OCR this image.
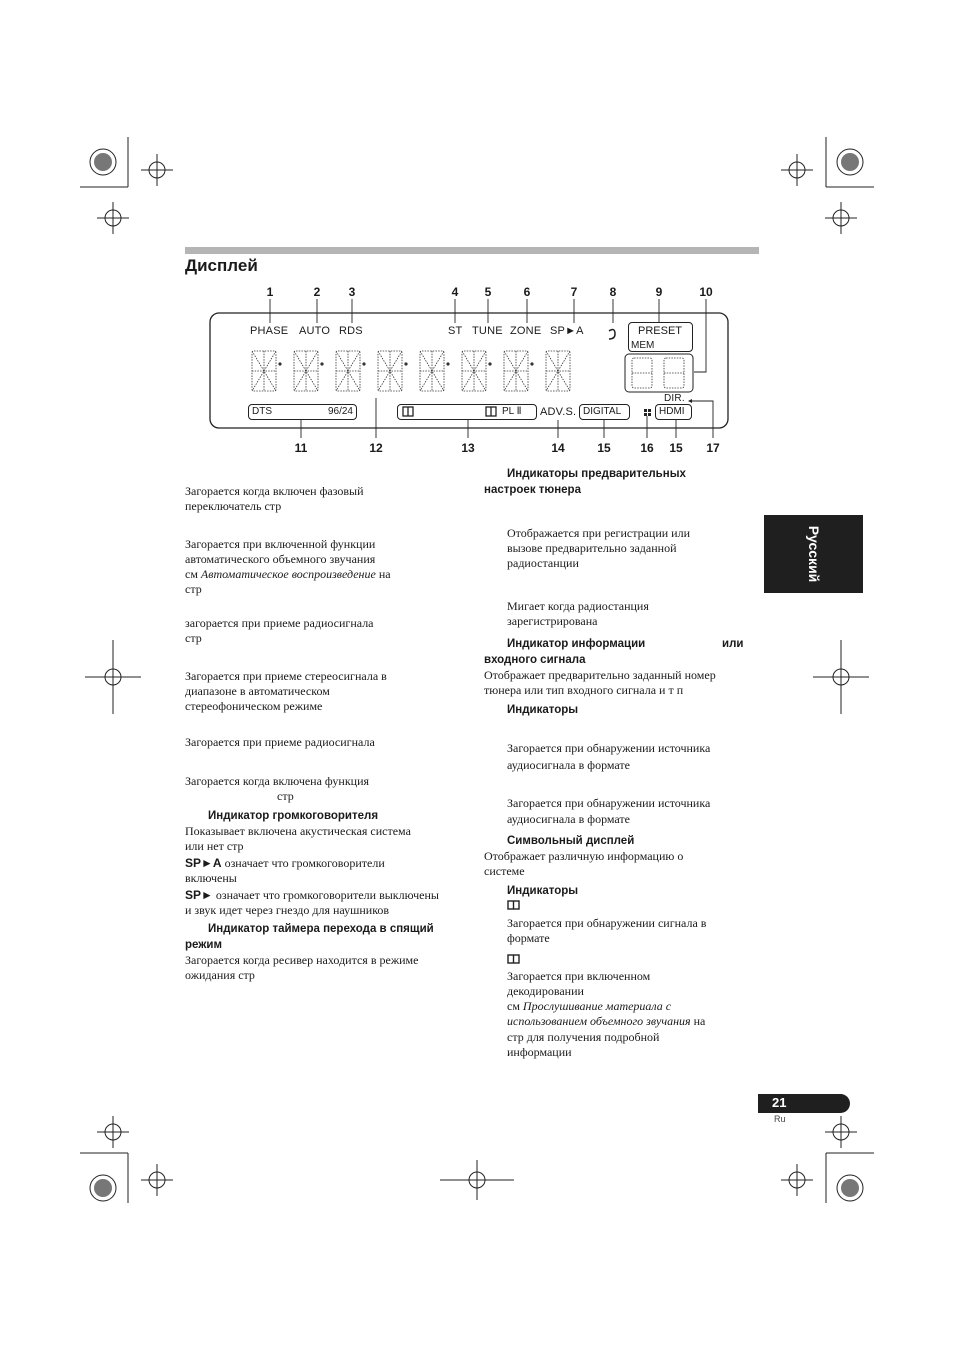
Дисплей
1	2 3	4 5	6	7	8	9	10
11	12	13	14	15 16 15 17
PHASE AUTO RDS	ST TUNE ZONE SP►A	PRESET
MEM
DTS	96/24	PL Ⅱ ADV.S. DIGITAL
DIR.
HDMI

Загорается когда включен фазовый

переключатель стр

Загорается при включенной функции

автоматического объемного звучания

см Автоматическое воспроизведение на

стр

загорается при приеме радиосигнала

стр

Загорается при приеме стереосигнала в

диапазоне в автоматическом

стереофоническом режиме

Загорается при приеме радиосигнала

Загорается когда включена функция

стр

Индикатор громкоговорителя

Показывает включена акустическая система

или нет стр

SP►A означает что громкоговорители

включены

SP► означает что громкоговорители выключены

и звук идет через гнездо для наушников

Индикатор таймера перехода в спящий

режим

Загорается когда ресивер находится в режиме

ожидания стр

Индикаторы предварительных

настроек тюнера

Отображается при регистрации или

вызове предварительно заданной

радиостанции

Мигает когда радиостанция

зарегистрирована

Индикатор информации	или

входного сигнала

Отображает предварительно заданный номер

тюнера или тип входного сигнала и т п

Индикаторы

Загорается при обнаружении источника

аудиосигнала в формате

Загорается при обнаружении источника

аудиосигнала в формате

Символьный дисплей

Отображает различную информацию о

системе

Индикаторы

Загорается при обнаружении сигнала в

формате

Загорается при включенном

декодировании

см Прослушивание материала с

использованием объемного звучания на

стр для получения подробной

информации

Русский
21
Ru
